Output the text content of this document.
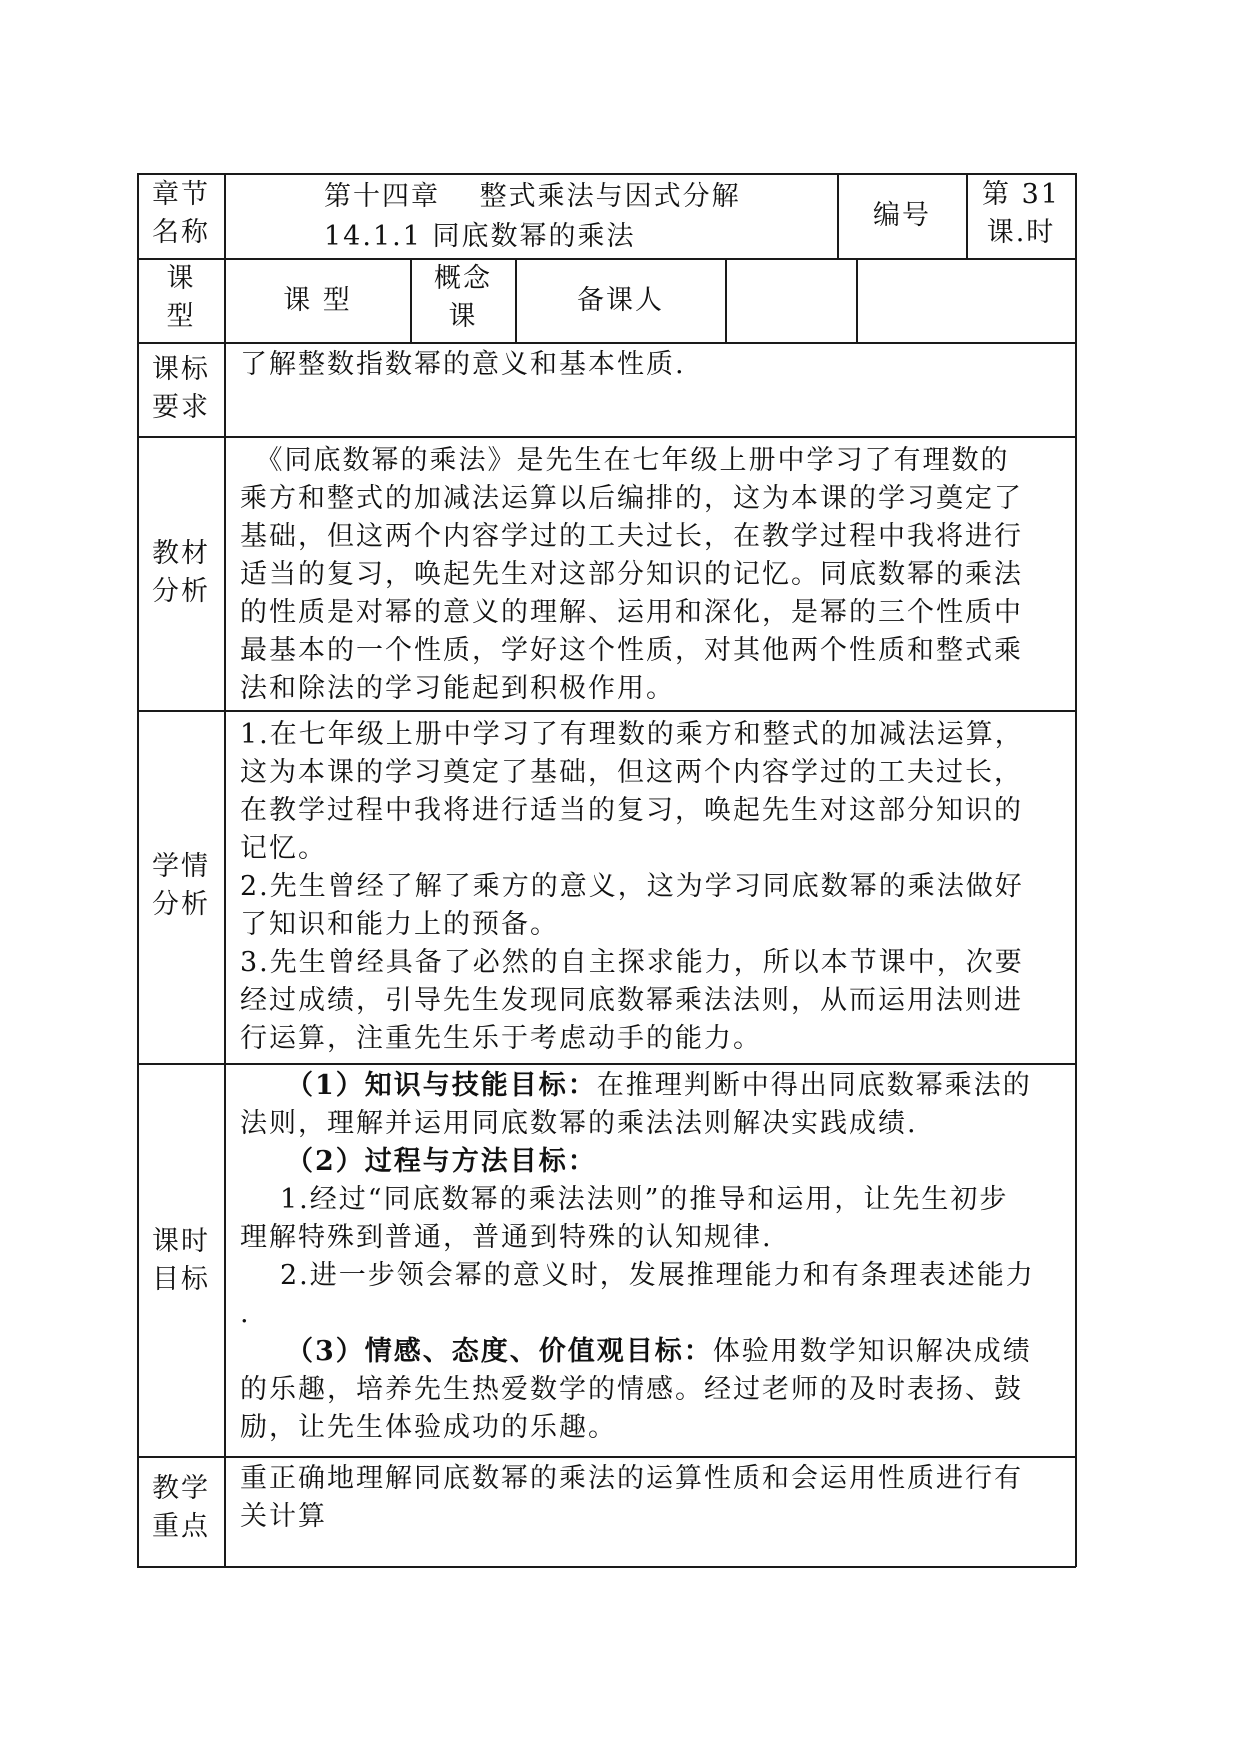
章节
名称
第十四章　 整式乘法与因式分解
14.1.1 同底数幂的乘法
编号
第 31
课.时
课
型
课 型
概念
课
备课人
课标
要求
了解整数指数幂的意义和基本性质.
教材
分析
　《同底数幂的乘法》是先生在七年级上册中学习了有理数的
乘方和整式的加减法运算以后编排的，这为本课的学习奠定了
基础，但这两个内容学过的工夫过长，在教学过程中我将进行
适当的复习，唤起先生对这部分知识的记忆。同底数幂的乘法
的性质是对幂的意义的理解、运用和深化，是幂的三个性质中
最基本的一个性质，学好这个性质，对其他两个性质和整式乘
法和除法的学习能起到积极作用。
学情
分析
1.在七年级上册中学习了有理数的乘方和整式的加减法运算，
这为本课的学习奠定了基础，但这两个内容学过的工夫过长，
在教学过程中我将进行适当的复习，唤起先生对这部分知识的
记忆。
2.先生曾经了解了乘方的意义，这为学习同底数幂的乘法做好
了知识和能力上的预备。
3.先生曾经具备了必然的自主探求能力，所以本节课中，次要
经过成绩，引导先生发现同底数幂乘法法则，从而运用法则进
行运算，注重先生乐于考虑动手的能力。
课时
目标
（1）知识与技能目标：在推理判断中得出同底数幂乘法的
法则，理解并运用同底数幂的乘法法则解决实践成绩.
（2）过程与方法目标：
1.经过“同底数幂的乘法法则”的推导和运用，让先生初步
理解特殊到普通，普通到特殊的认知规律.
2.进一步领会幂的意义时，发展推理能力和有条理表述能力
.
（3）情感、态度、价值观目标：体验用数学知识解决成绩
的乐趣，培养先生热爱数学的情感。经过老师的及时表扬、鼓
励，让先生体验成功的乐趣。
教学
重点
重正确地理解同底数幂的乘法的运算性质和会运用性质进行有
关计算
